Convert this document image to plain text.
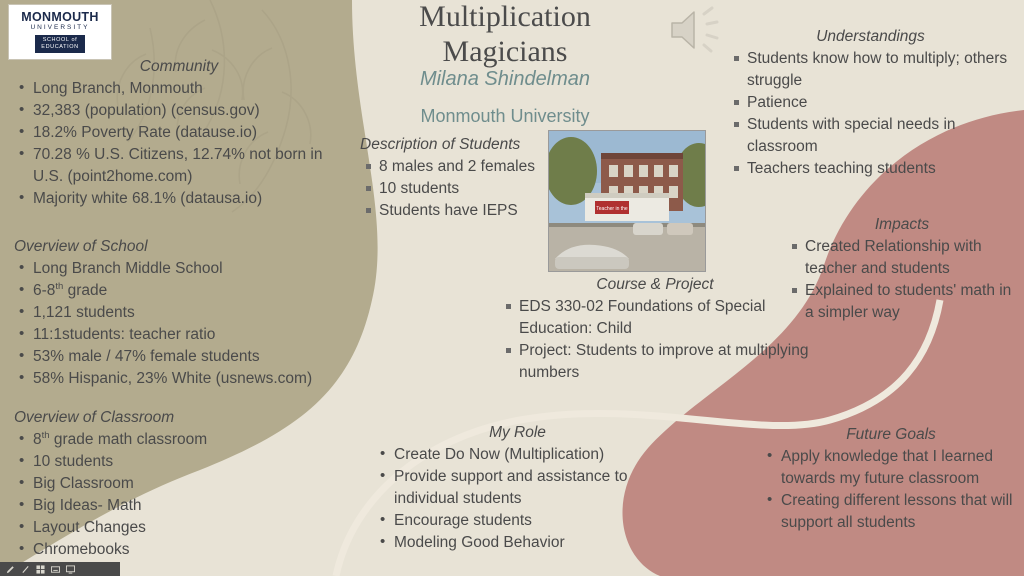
MONMOUTH
UNIVERSITY
SCHOOL of
EDUCATION
Multiplication
Magicians
Milana Shindelman
Monmouth University
Teacher in the
Community
• Long Branch, Monmouth
• 32,383 (population) (census.gov)
• 18.2% Poverty Rate (datause.io)
• 70.28 % U.S. Citizens, 12.74% not born in U.S. (point2home.com)
• Majority white 68.1% (datausa.io)
Overview of School
• Long Branch Middle School
• 6-8th grade
• 1,121 students
• 11:1students: teacher ratio
• 53% male / 47% female students
• 58% Hispanic, 23% White (usnews.com)
Overview of Classroom
• 8th grade math classroom
• 10 students
• Big Classroom
• Big Ideas- Math
• Layout Changes
• Chromebooks
Description of Students
8 males and 2 females
10 students
Students have IEPS
Course & Project
EDS 330-02 Foundations of Special Education: Child
Project: Students to improve at multiplying numbers
My Role
• Create Do Now (Multiplication)
• Provide support and assistance to individual students
• Encourage students
• Modeling Good Behavior
Understandings
Students know how to multiply; others struggle
Patience
Students with special needs in classroom
Teachers teaching students
Impacts
Created Relationship with teacher and students
Explained to students' math in a simpler way
Future Goals
• Apply knowledge that I learned towards my future classroom
• Creating different lessons that will support all students
